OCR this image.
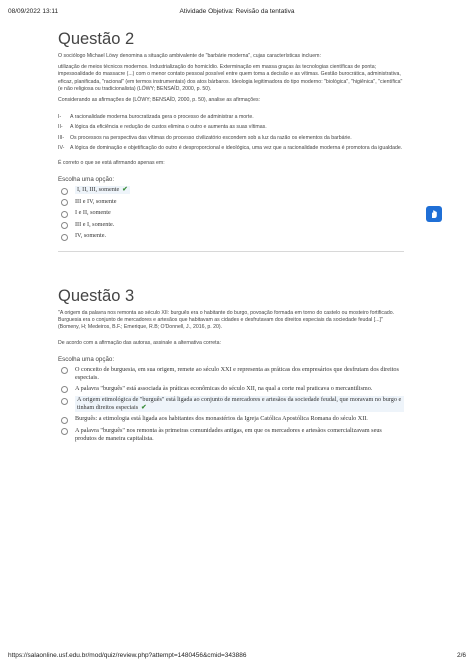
08/09/2022 13:11	Atividade Objetiva: Revisão da tentativa
Questão 2

O sociólogo Michael Löwy denomina a situação ambivalente de "barbárie moderna", cujas características incluem:

utilização de meios técnicos modernos. Industrialização do homicídio. Exterminação em massa graças às tecnologias científicas de ponta; impessoalidade do massacre (...) com o menor contato pessoal possível entre quem toma a decisão e as vítimas. Gestão burocrática, administrativa, eficaz, planificada, "racional" (em termos instrumentais) dos atos bárbaros. Ideologia legitimadora do tipo moderno: "biológica", "higiênica", "científica" (e não religiosa ou tradicionalista) (LÖWY; BENSAÏD, 2000, p. 50).

Considerando as afirmações de (LÖWY; BENSAÏD, 2000, p. 50), analise as afirmações:

I-	A racionalidade moderna burocratizada gera o processo de administrar a morte.
II-	A lógica da eficiência e redução de custos elimina o outro e aumenta as suas vítimas.
III-	Os processos na perspectiva das vítimas do processo civilizatório escondem sob a luz da razão os elementos da barbárie.
IV-	A lógica de dominação e objetificação do outro é desproporcional e ideológica, uma vez que a racionalidade moderna é promotora da igualdade.

É correto o que se está afirmando apenas em:

Escolha uma opção:
I, II, III, somente ✔
III e IV, somente
I e II, somente
III e I, somente.
IV, somente.
Questão 3

"A origem da palavra nos remonta ao século XII: burguês era o habitante do burgo, povoação formada em torno do castelo ou mosteiro fortificado. Burguesia era o conjunto de mercadores e artesãos que habitavam as cidades e desfrutavam dos direitos especiais da sociedade feudal [...]" (Bomeny, H; Medeiros, B.F.; Emerique, R.B; O'Donnell, J., 2016, p. 20).

De acordo com a afirmação das autoras, assinale a alternativa correta:

Escolha uma opção:
O conceito de burguesia, em sua origem, remete ao século XXI e representa as práticas dos empresários que desfrutam dos direitos especiais.
A palavra "burguês" está associada às práticas econômicas do século XII, na qual a corte real praticava o mercantilismo.
A origem etimológica de "burguês" está ligada ao conjunto de mercadores e artesãos da sociedade feudal, que moravam no burgo e tinham direitos especiais ✔
Burguês: a etimologia está ligada aos habitantes dos monastérios da Igreja Católica Apostólica Romana do século XII.
A palavra "burguês" nos remonta às primeiras comunidades antigas, em que os mercadores e artesãos comercializavam seus produtos de maneira capitalista.
https://salaonline.usf.edu.br/mod/quiz/review.php?attempt=1480456&cmid=343886	2/6
